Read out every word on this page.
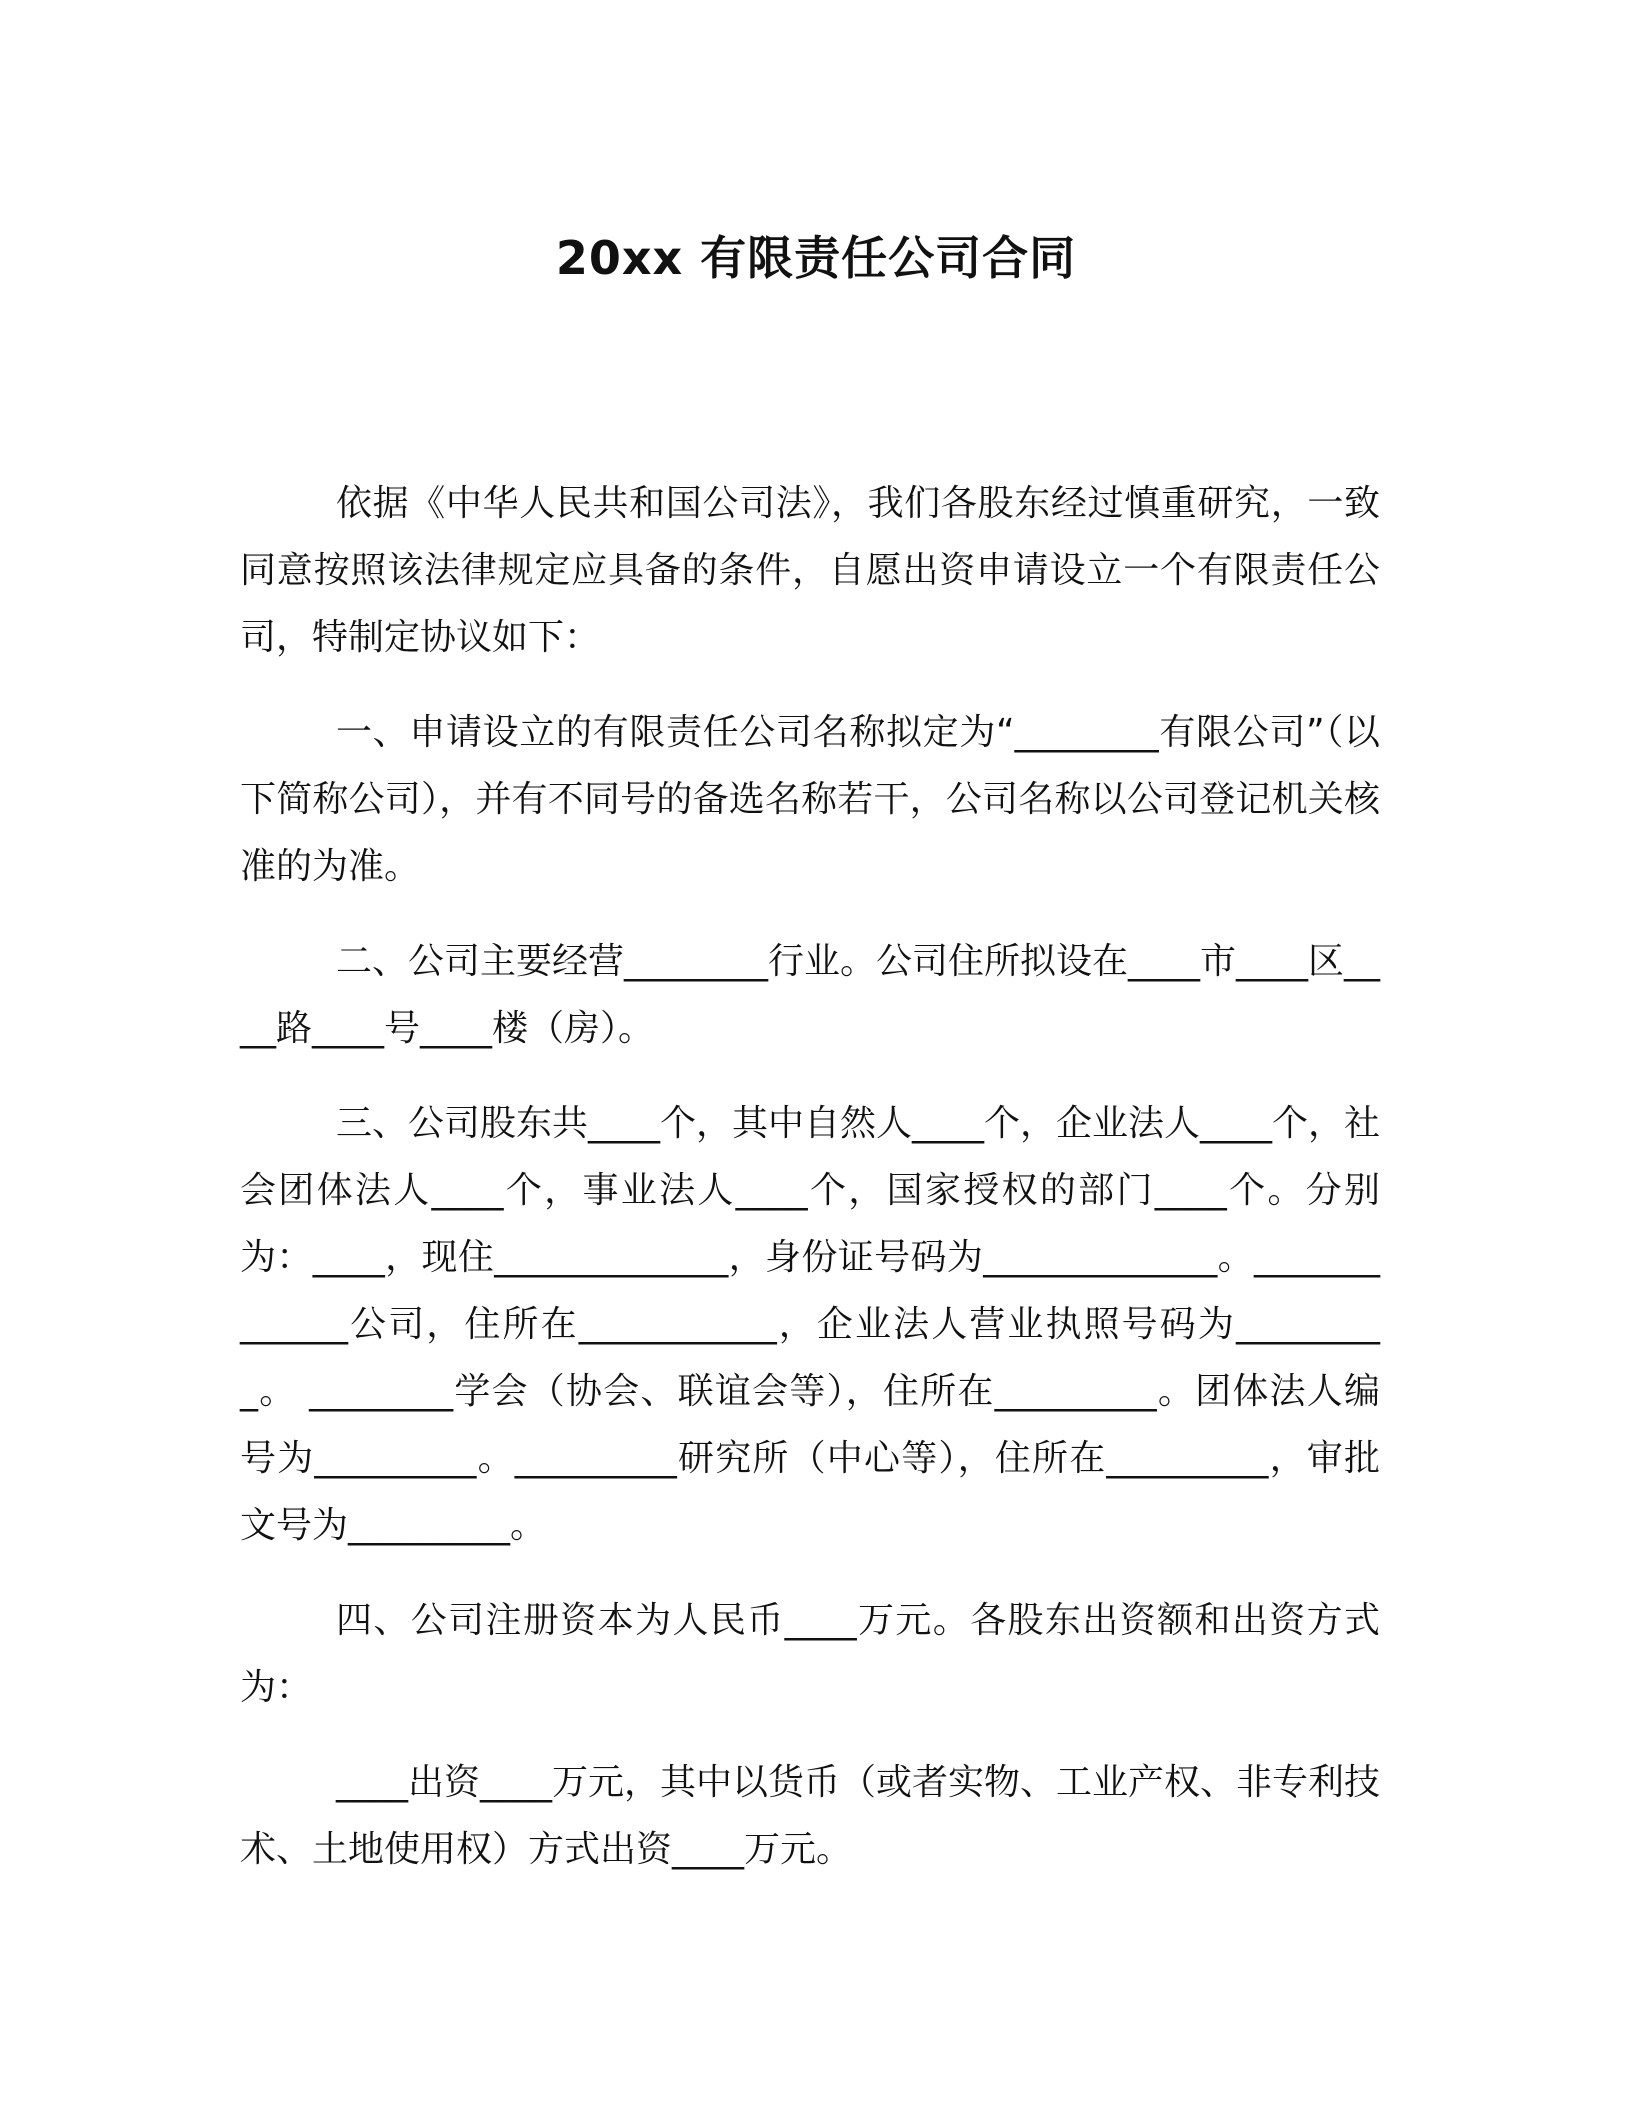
20xx 有限责任公司合同

依据《中华人民共和国公司法》，我们各股东经过慎重研究，一致同意按照该法律规定应具备的条件，自愿出资申请设立一个有限责任公司，特制定协议如下：

一、申请设立的有限责任公司名称拟定为“________有限公司”（以下简称公司），并有不同号的备选名称若干，公司名称以公司登记机关核准的为准。

二、公司主要经营________行业。公司住所拟设在____市____区____路____号____楼（房）。

三、公司股东共____个，其中自然人____个，企业法人____个，社会团体法人____个，事业法人____个，国家授权的部门____个。分别为：____，现住_____________，身份证号码为_____________。_____________公司，住所在___________，企业法人营业执照号码为_________。 ________学会（协会、联谊会等），住所在_________。团体法人编号为_________。_________研究所（中心等），住所在_________，审批文号为_________。

四、公司注册资本为人民币____万元。各股东出资额和出资方式为：

____出资____万元，其中以货币（或者实物、工业产权、非专利技术、土地使用权）方式出资____万元。
